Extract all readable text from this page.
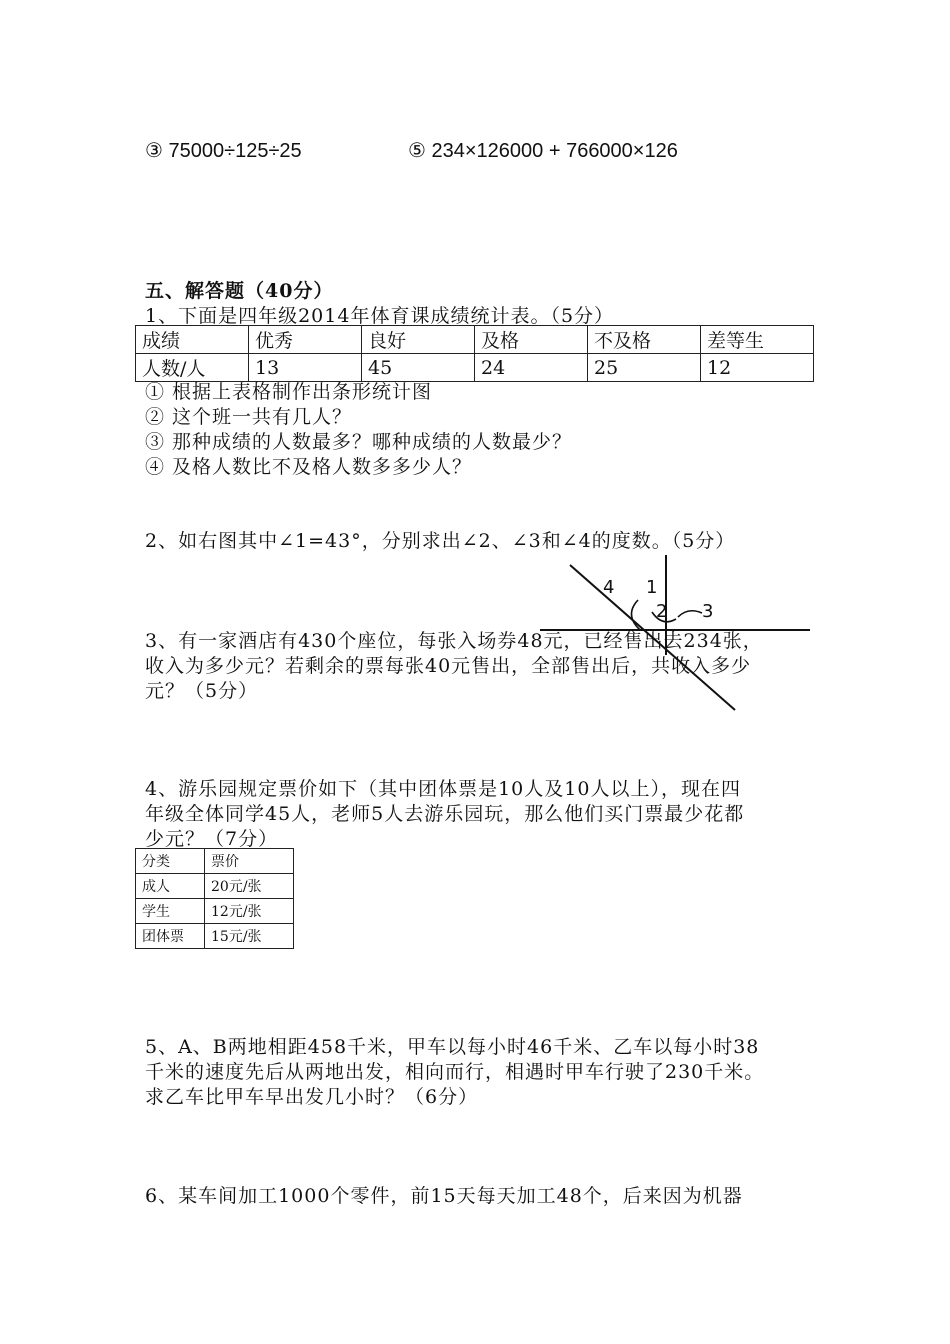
③ 75000÷125÷25	⑤ 234×126000 + 766000×126
五、解答题（40分）
1、下面是四年级2014年体育课成绩统计表。（5分）
成绩	优秀	良好	及格	不及格	差等生
人数/人	13	45	24	25	12
① 根据上表格制作出条形统计图
② 这个班一共有几人？
③ 那种成绩的人数最多？哪种成绩的人数最少？
④ 及格人数比不及格人数多多少人？
2、如右图其中∠1=43°，分别求出∠2、∠3和∠4的度数。（5分）
4 1
2 3
3、有一家酒店有430个座位，每张入场券48元，已经售出去234张，
收入为多少元？若剩余的票每张40元售出，全部售出后，共收入多少
元？（5分）
4、游乐园规定票价如下（其中团体票是10人及10人以上），现在四
年级全体同学45人，老师5人去游乐园玩，那么他们买门票最少花都
少元？（7分）
分类	票价
成人	20元/张
学生	12元/张
团体票	15元/张
5、A、B两地相距458千米，甲车以每小时46千米、乙车以每小时38
千米的速度先后从两地出发，相向而行，相遇时甲车行驶了230千米。
求乙车比甲车早出发几小时？（6分）
6、某车间加工1000个零件，前15天每天加工48个，后来因为机器
